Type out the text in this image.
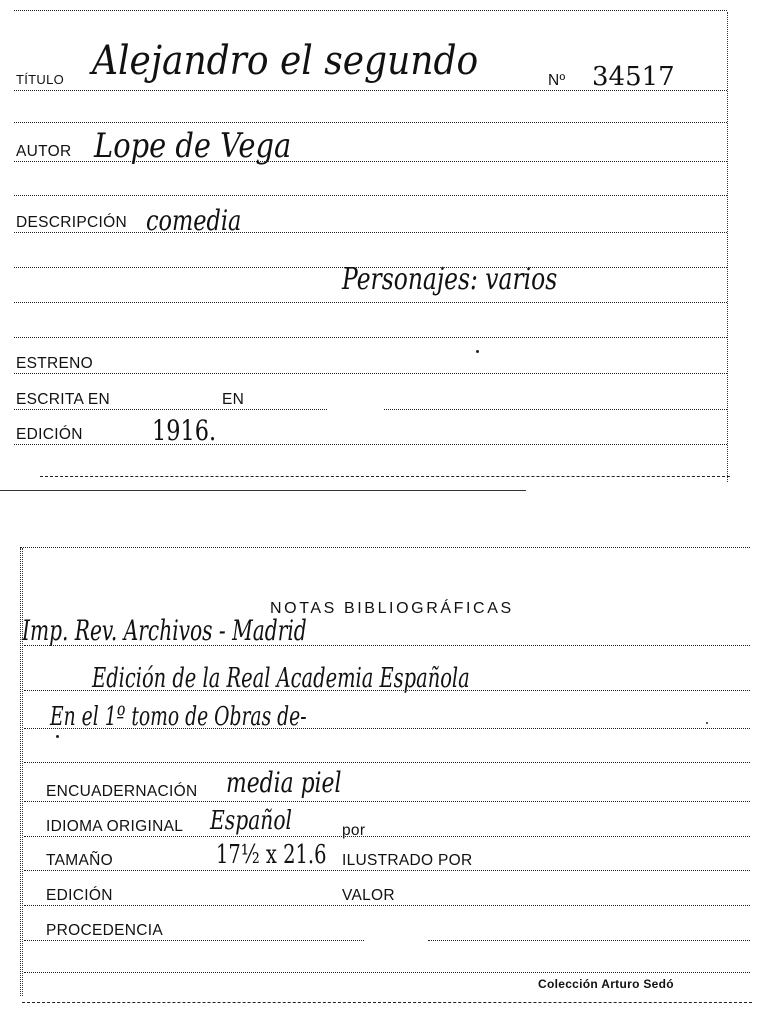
TÍTULO Alejandro el segundo	Nº 34517
AUTOR Lope de Vega
DESCRIPCIÓN comedia
Personajes: varios
ESTRENO
ESCRITA EN	EN
EDICIÓN 1916.
NOTAS BIBLIOGRÁFICAS
Imp. Rev. Archivos - Madrid
Edición de la Real Academia Española
En el 1º tomo de Obras de-
ENCUADERNACIÓN media piel
IDIOMA ORIGINAL Español	por
TAMAÑO	17½ x 21.6 ILUSTRADO POR
EDICIÓN	VALOR
PROCEDENCIA
Colección Arturo Sedó
